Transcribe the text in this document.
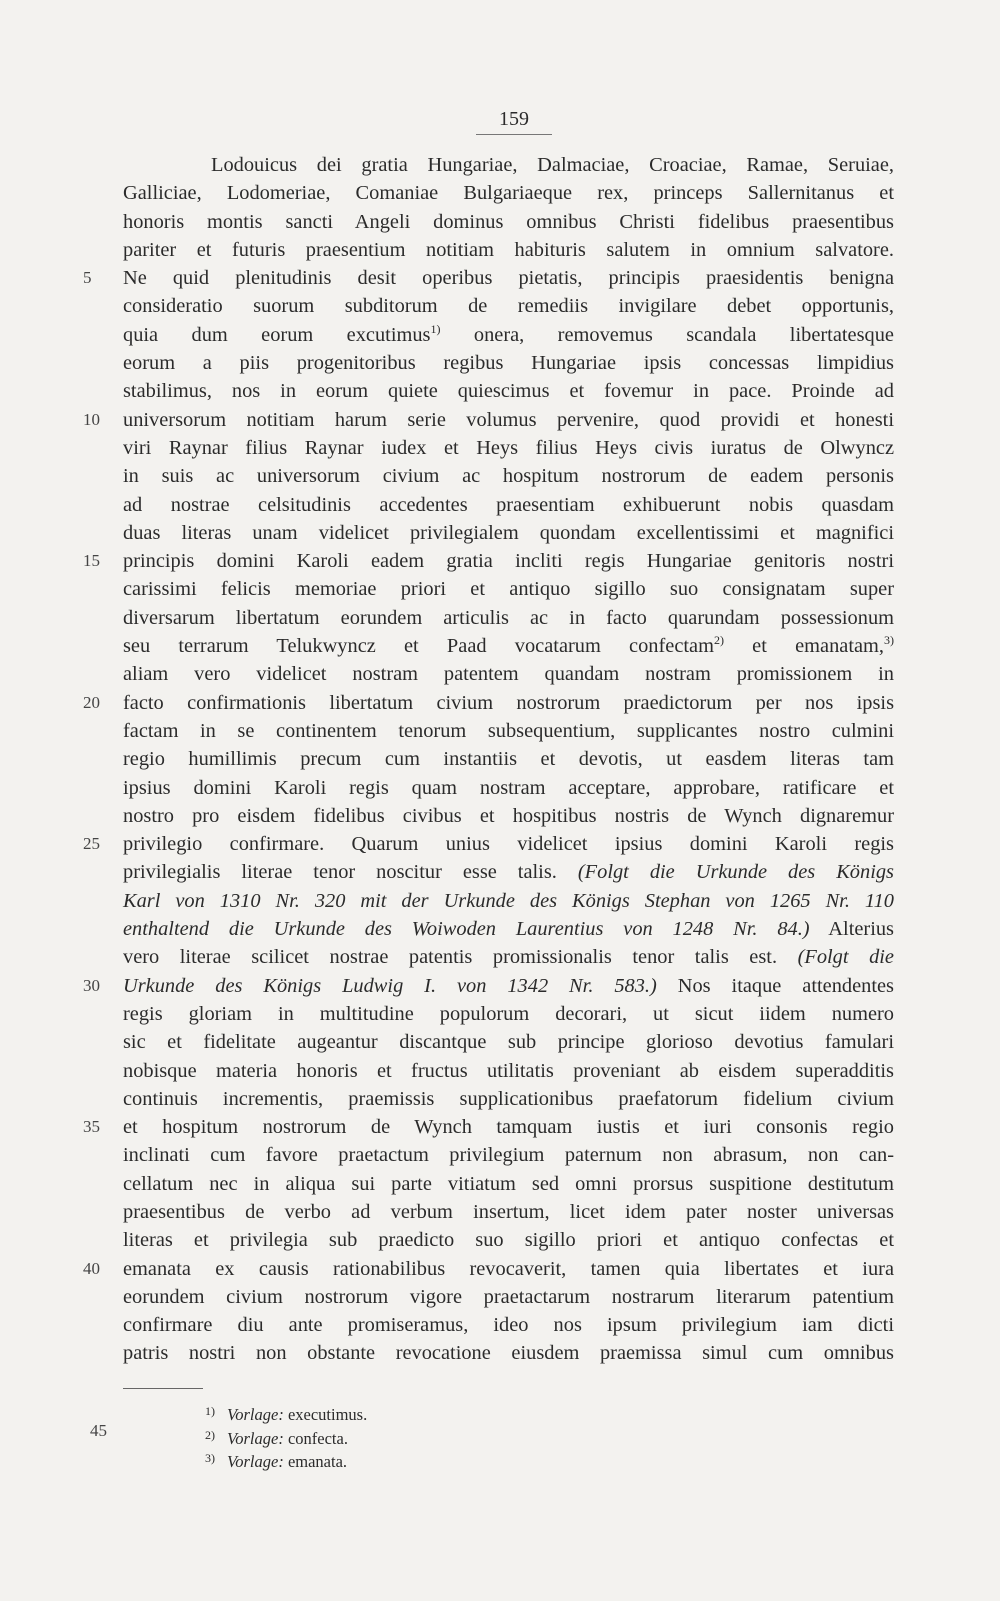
159
Lodouicus dei gratia Hungariae, Dalmaciae, Croaciae, Ramae, Seruiae,
Galliciae, Lodomeriae, Comaniae Bulgariaeque rex, princeps Sallernitanus et
honoris montis sancti Angeli dominus omnibus Christi fidelibus praesentibus
pariter et futuris praesentium notitiam habituris salutem in omnium salvatore.
5	Ne quid plenitudinis desit operibus pietatis, principis praesidentis benigna
consideratio suorum subditorum de remediis invigilare debet opportunis,
quia dum eorum excutimus$^{1)}$ onera, removemus scandala libertatesque
eorum a piis progenitoribus regibus Hungariae ipsis concessas limpidius
stabilimus, nos in eorum quiete quiescimus et fovemur in pace. Proinde ad
10	universorum notitiam harum serie volumus pervenire, quod providi et honesti
viri Raynar filius Raynar iudex et Heys filius Heys civis iuratus de Olwyncz
in suis ac universorum civium ac hospitum nostrorum de eadem personis
ad nostrae celsitudinis accedentes praesentiam exhibuerunt nobis quasdam
duas literas unam videlicet privilegialem quondam excellentissimi et magnifici
15	principis domini Karoli eadem gratia incliti regis Hungariae genitoris nostri
carissimi felicis memoriae priori et antiquo sigillo suo consignatam super
diversarum libertatum eorundem articulis ac in facto quarundam possessionum
seu terrarum Telukwyncz et Paad vocatarum confectam$^{2)}$ et emanatam,$^{3)}$
aliam vero videlicet nostram patentem quandam nostram promissionem in
20	facto confirmationis libertatum civium nostrorum praedictorum per nos ipsis
factam in se continentem tenorum subsequentium, supplicantes nostro culmini
regio humillimis precum cum instantiis et devotis, ut easdem literas tam
ipsius domini Karoli regis quam nostram acceptare, approbare, ratificare et
nostro pro eisdem fidelibus civibus et hospitibus nostris de Wynch dignaremur
25	privilegio confirmare. Quarum unius videlicet ipsius domini Karoli regis
privilegialis literae tenor noscitur esse talis. (Folgt die Urkunde des Königs
Karl von 1310 Nr. 320 mit der Urkunde des Königs Stephan von 1265 Nr. 110
enthaltend die Urkunde des Woiwoden Laurentius von 1248 Nr. 84.) Alterius
vero literae scilicet nostrae patentis promissionalis tenor talis est. (Folgt die
30	Urkunde des Königs Ludwig I. von 1342 Nr. 583.) Nos itaque attendentes
regis gloriam in multitudine populorum decorari, ut sicut iidem numero
sic et fidelitate augeantur discantque sub principe glorioso devotius famulari
nobisque materia honoris et fructus utilitatis proveniant ab eisdem superadditis
continuis incrementis, praemissis supplicationibus praefatorum fidelium civium
35	et hospitum nostrorum de Wynch tamquam iustis et iuri consonis regio
inclinati cum favore praetactum privilegium paternum non abrasum, non can-
cellatum nec in aliqua sui parte vitiatum sed omni prorsus suspitione destitutum
praesentibus de verbo ad verbum insertum, licet idem pater noster universas
literas et privilegia sub praedicto suo sigillo priori et antiquo confectas et
40	emanata ex causis rationabilibus revocaverit, tamen quia libertates et iura
eorundem civium nostrorum vigore praetactarum nostrarum literarum patentium
confirmare diu ante promiseramus, ideo nos ipsum privilegium iam dicti
patris nostri non obstante revocatione eiusdem praemissa simul cum omnibus
45
1) Vorlage: executimus.
2) Vorlage: confecta.
3) Vorlage: emanata.
